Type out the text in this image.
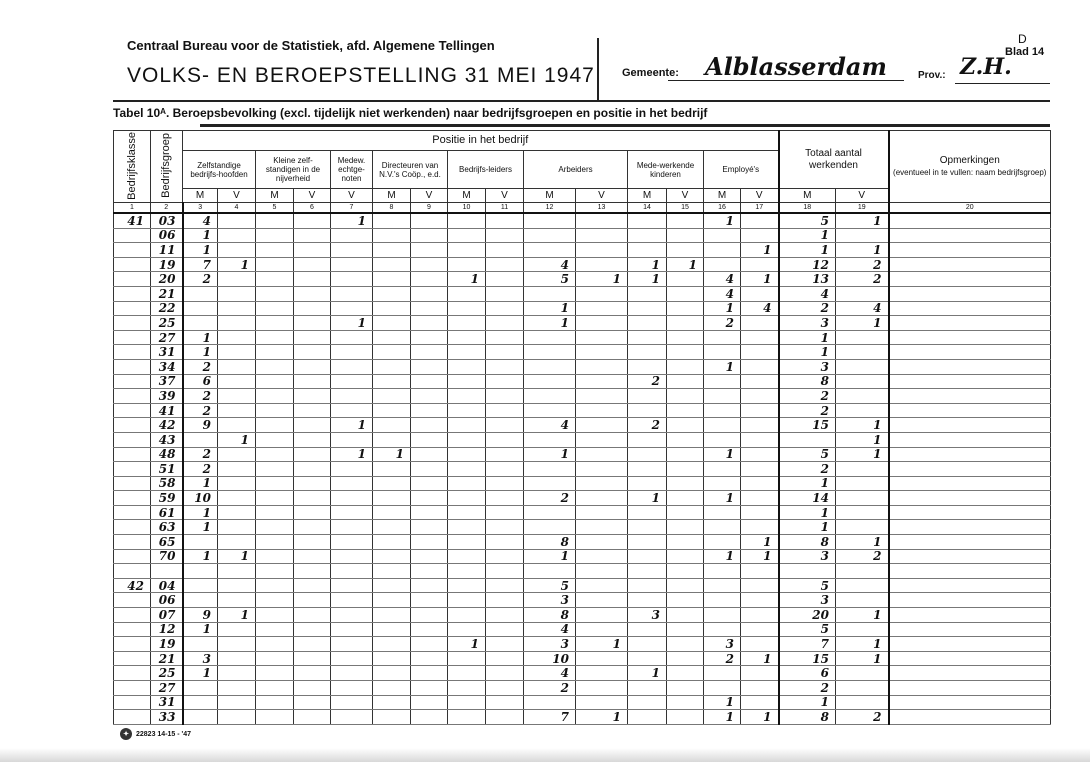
Centraal Bureau voor de Statistiek, afd. Algemene Tellingen
VOLKS- EN BEROEPSTELLING 31 MEI 1947 Gemeente: Alblasserdam	Prov.: Z.H.
D
Blad 14
Tabel 10ᴬ. Beroepsbevolking (excl. tijdelijk niet werkenden) naar bedrijfsgroepen en positie in het bedrijf
Bedrijfsklasse	Bedrijfsgroep	Positie in het bedrijf															Totaal aantal werkenden		Opmerkingen
(eventueel in te vullen: naam bedrijfsgroep)

		Zelfstandige bedrijfs-hoofden		Kleine zelf-standigen in de nijverheid		Medew. echtge-noten	Directeuren van N.V.'s Coöp., e.d.		Bedrijfs-leiders		Arbeiders		Mede-werkende kinderen		Employé's				
		M	V	M	V	V	M	V	M	V	M	V	M	V	M	V	M	V	
1	2	3	4	5	6	7	8	9	10	11	12	13	14	15	16	17	18	19	20
41	03	4				1									1		5	1	
	06	1															1		
	11	1														1	1	1	
	19	7	1								4		1	1			12	2	
	20	2							1		5	1	1		4	1	13	2	
	21														4		4		
	22										1				1	4	2	4	
	25					1					1				2		3	1	
	27	1															1		
	31	1															1		
	34	2													1		3		
	37	6											2				8		
	39	2															2		
	41	2															2		
	42	9				1					4		2				15	1	
	43		1															1	
	48	2				1	1				1				1		5	1	
	51	2															2		
	58	1															1		
	59	10									2		1		1		14		
	61	1															1		
	63	1															1		
	65										8					1	8	1	
	70	1	1								1				1	1	3	2	

42	04										5						5		
	06										3						3		
	07	9	1								8		3				20	1	
	12	1									4						5		
	19								1		3	1			3		7	1	
	21	3									10				2	1	15	1	
	25	1									4		1				6		
	27										2						2		
	31														1		1		
	33										7	1			1	1	8	2	
✦	22823 14-15 - '47
